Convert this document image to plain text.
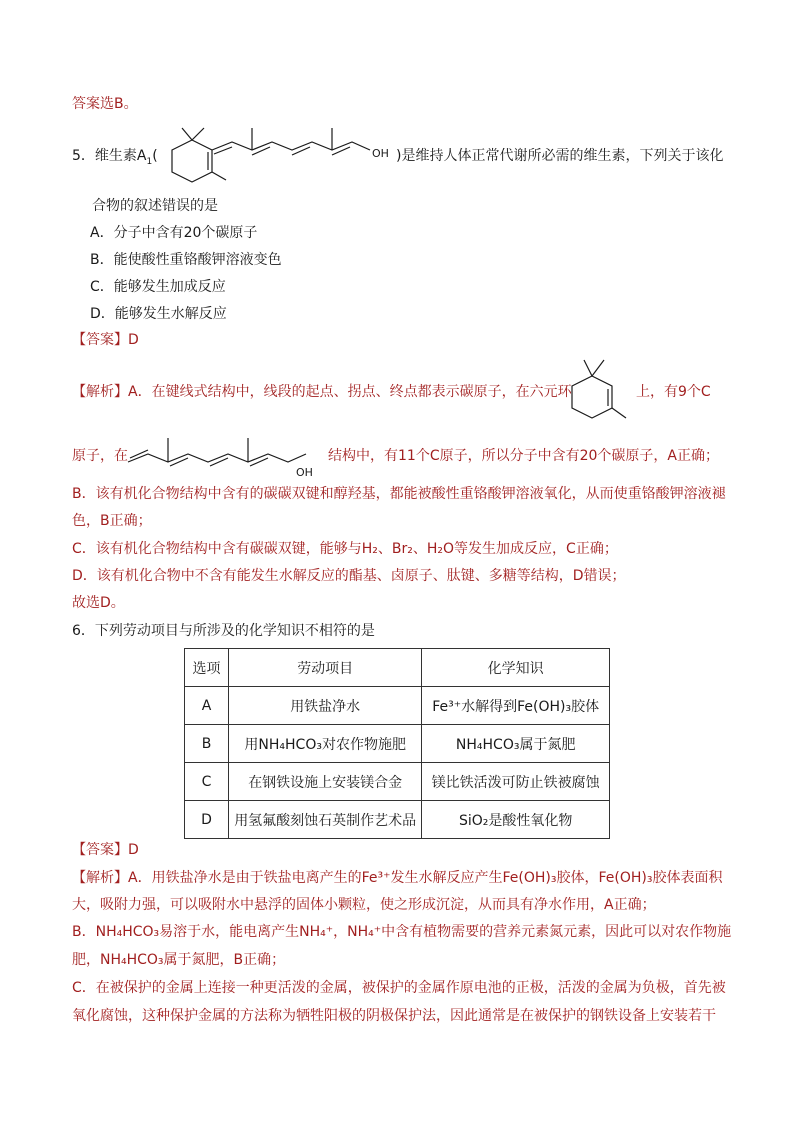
答案选B。
5．维生素$A_1$(	OH )是维持人体正常代谢所必需的维生素，下列关于该化
合物的叙述错误的是
A．分子中含有20个碳原子
B．能使酸性重铬酸钾溶液变色
C．能够发生加成反应
D．能够发生水解反应
【答案】D
【解析】A．在键线式结构中，线段的起点、拐点、终点都表示碳原子，在六元环	上，有9个C
原子，在
OH
结构中，有11个C原子，所以分子中含有20个碳原子，A正确；
B．该有机化合物结构中含有的碳碳双键和醇羟基，都能被酸性重铬酸钾溶液氧化，从而使重铬酸钾溶液褪
色，B正确；
C．该有机化合物结构中含有碳碳双键，能够与H₂、Br₂、H₂O等发生加成反应，C正确；
D．该有机化合物中不含有能发生水解反应的酯基、卤原子、肽键、多糖等结构，D错误；
故选D。
6．下列劳动项目与所涉及的化学知识不相符的是
选项	劳动项目	化学知识
A	用铁盐净水	Fe³⁺水解得到Fe(OH)₃胶体
B	用NH₄HCO₃对农作物施肥	NH₄HCO₃属于氮肥
C	在钢铁设施上安装镁合金	镁比铁活泼可防止铁被腐蚀
D	用氢氟酸刻蚀石英制作艺术品	SiO₂是酸性氧化物
【答案】D
【解析】A．用铁盐净水是由于铁盐电离产生的Fe³⁺发生水解反应产生Fe(OH)₃胶体，Fe(OH)₃胶体表面积
大，吸附力强，可以吸附水中悬浮的固体小颗粒，使之形成沉淀，从而具有净水作用，A正确；
B．NH₄HCO₃易溶于水，能电离产生NH₄⁺，NH₄⁺中含有植物需要的营养元素氮元素，因此可以对农作物施
肥，NH₄HCO₃属于氮肥，B正确；
C．在被保护的金属上连接一种更活泼的金属，被保护的金属作原电池的正极，活泼的金属为负极，首先被
氧化腐蚀，这种保护金属的方法称为牺牲阳极的阴极保护法，因此通常是在被保护的钢铁设备上安装若干
